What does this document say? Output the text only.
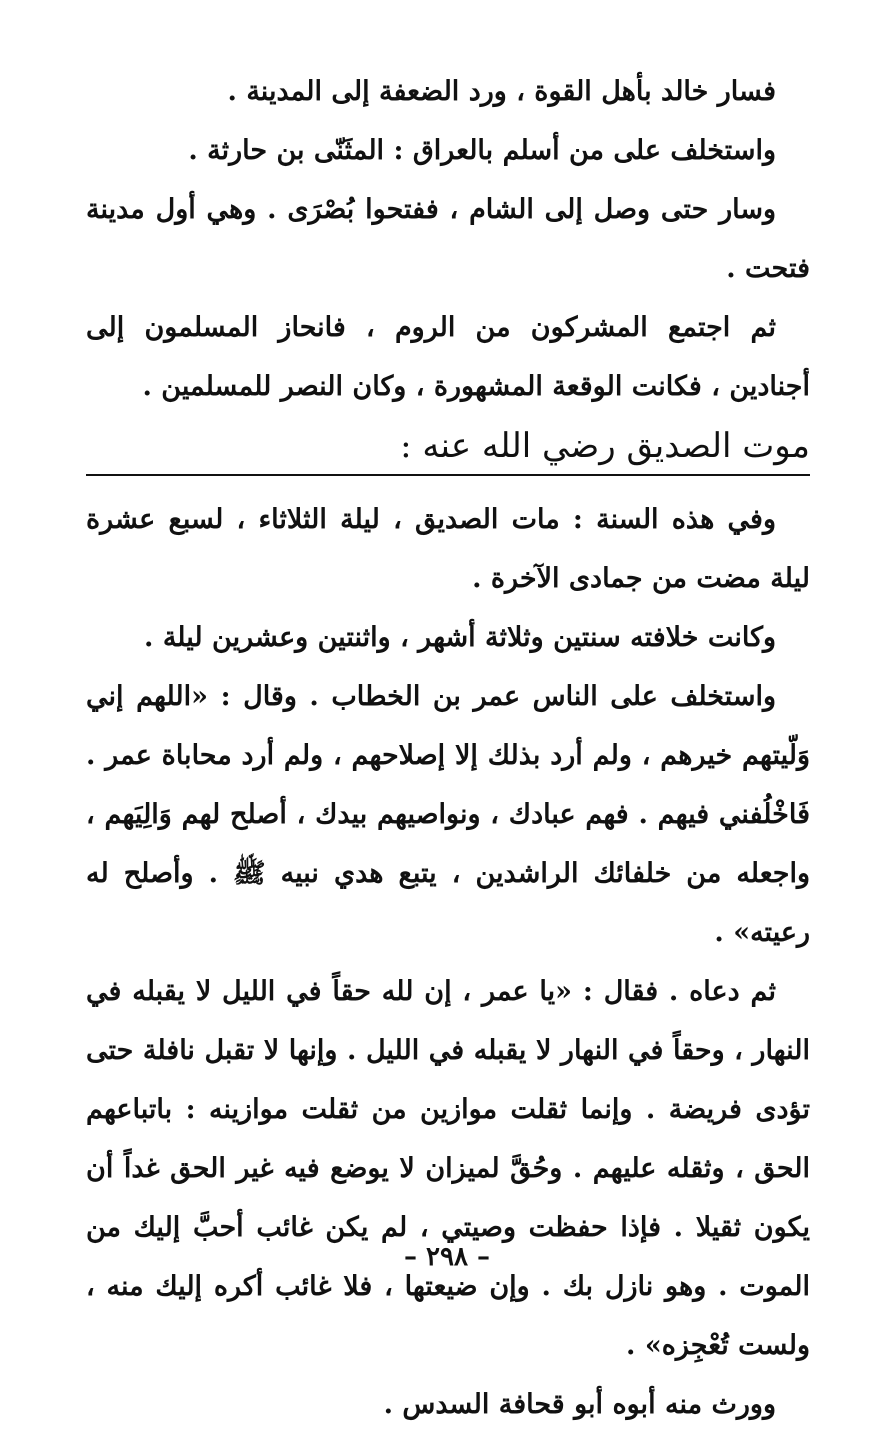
فسار خالد بأهل القوة ، ورد الضعفة إلى المدينة .

واستخلف على من أسلم بالعراق : المثَنّى بن حارثة .

وسار حتى وصل إلى الشام ، ففتحوا بُصْرَى . وهي أول مدينة فتحت .

ثم اجتمع المشركون من الروم ، فانحاز المسلمون إلى أجنادين ، فكانت الوقعة المشهورة ، وكان النصر للمسلمين .

موت الصديق رضي الله عنه :

وفي هذه السنة : مات الصديق ، ليلة الثلاثاء ، لسبع عشرة ليلة مضت من جمادى الآخرة .

وكانت خلافته سنتين وثلاثة أشهر ، واثنتين وعشرين ليلة .

واستخلف على الناس عمر بن الخطاب . وقال : «اللهم إني وَلّيتهم خيرهم ، ولم أرد بذلك إلا إصلاحهم ، ولم أرد محاباة عمر . فَاخْلُفني فيهم . فهم عبادك ، ونواصيهم بيدك ، أصلح لهم وَالِيَهم ، واجعله من خلفائك الراشدين ، يتبع هدي نبيه ﷺ . وأصلح له رعيته» .

ثم دعاه . فقال : «يا عمر ، إن لله حقاً في الليل لا يقبله في النهار ، وحقاً في النهار لا يقبله في الليل . وإنها لا تقبل نافلة حتى تؤدى فريضة . وإنما ثقلت موازين من ثقلت موازينه : باتباعهم الحق ، وثقله عليهم . وحُقَّ لميزان لا يوضع فيه غير الحق غداً أن يكون ثقيلا . فإذا حفظت وصيتي ، لم يكن غائب أحبَّ إليك من الموت . وهو نازل بك . وإن ضيعتها ، فلا غائب أكره إليك منه ، ولست تُعْجِزه» .

وورث منه أبوه أبو قحافة السدس .

– ٢٩٨ –
